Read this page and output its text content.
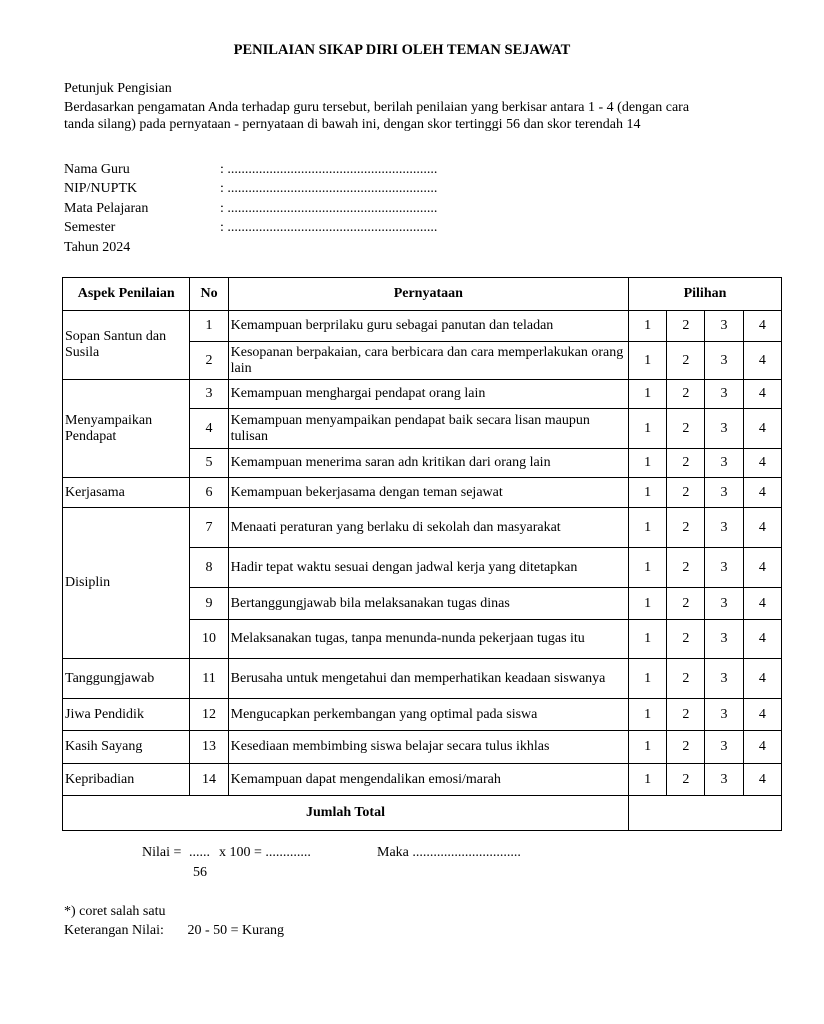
PENILAIAN SIKAP DIRI OLEH TEMAN SEJAWAT
Petunjuk Pengisian
Berdasarkan pengamatan Anda terhadap guru tersebut, berilah penilaian yang berkisar antara 1 - 4 (dengan cara
tanda silang) pada pernyataan - pernyataan di bawah ini, dengan skor tertinggi 56 dan skor terendah 14
Nama Guru	: ............................................................
NIP/NUPTK	: ............................................................
Mata Pelajaran	: ............................................................
Semester	: ............................................................
Tahun 2024
Aspek Penilaian	No	Pernyataan	Pilihan			
Sopan Santun dan Susila	1	Kemampuan berprilaku guru sebagai panutan dan teladan	1	2	3	4
	2	Kesopanan berpakaian, cara berbicara dan cara memperlakukan orang lain	1	2	3	4
Menyampaikan Pendapat	3	Kemampuan menghargai pendapat orang lain	1	2	3	4
	4	Kemampuan menyampaikan pendapat baik secara lisan maupun tulisan	1	2	3	4
	5	Kemampuan menerima saran adn kritikan dari orang lain	1	2	3	4
Kerjasama	6	Kemampuan bekerjasama dengan teman sejawat	1	2	3	4
Disiplin	7	Menaati peraturan yang berlaku di sekolah dan masyarakat	1	2	3	4
	8	Hadir tepat waktu sesuai dengan jadwal kerja yang ditetapkan	1	2	3	4
	9	Bertanggungjawab bila melaksanakan tugas dinas	1	2	3	4
	10	Melaksanakan tugas, tanpa menunda-nunda pekerjaan tugas itu	1	2	3	4
Tanggungjawab	11	Berusaha untuk mengetahui dan memperhatikan keadaan siswanya	1	2	3	4
Jiwa Pendidik	12	Mengucapkan perkembangan yang optimal pada siswa	1	2	3	4
Kasih Sayang	13	Kesediaan membimbing siswa belajar secara tulus ikhlas	1	2	3	4
Kepribadian	14	Kemampuan dapat mengendalikan emosi/marah	1	2	3	4
Jumlah Total						
Nilai = ...... x 100 = .............	Maka ...............................
56
*) coret salah satu
Keterangan Nilai: 20 - 50 = Kurang
